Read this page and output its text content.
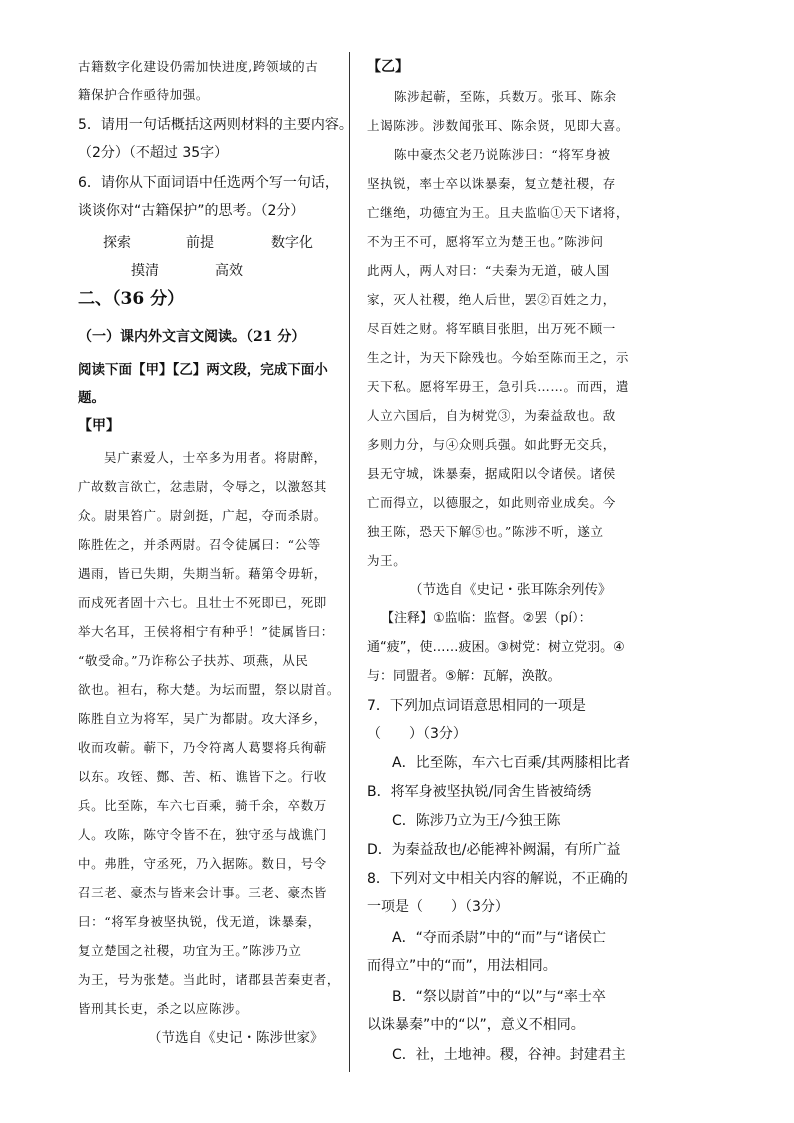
古籍数字化建设仍需加快进度,跨领域的古
籍保护合作亟待加强。
5．请用一句话概括这两则材料的主要内容。
（2分）（不超过 35字）
6．请你从下面词语中任选两个写一句话，
谈谈你对“古籍保护”的思考。（2分）
探索	前提	数字化
摸清	高效
二、（36 分）
（一）课内外文言文阅读。（21 分）
阅读下面【甲】【乙】两文段，完成下面小
题。
【甲】
吴广素爱人，士卒多为用者。将尉醉，
广故数言欲亡，忿恚尉，令辱之，以激怒其
众。尉果笞广。尉剑挺，广起，夺而杀尉。
陈胜佐之，并杀两尉。召令徒属曰：“公等
遇雨，皆已失期，失期当斩。藉第令毋斩，
而戍死者固十六七。且壮士不死即已，死即
举大名耳，王侯将相宁有种乎！”徒属皆曰：
“敬受命。”乃诈称公子扶苏、项燕，从民
欲也。袒右，称大楚。为坛而盟，祭以尉首。
陈胜自立为将军，吴广为都尉。攻大泽乡，
收而攻蕲。蕲下，乃令符离人葛婴将兵徇蕲
以东。攻铚、酂、苦、柘、谯皆下之。行收
兵。比至陈，车六七百乘，骑千余，卒数万
人。攻陈，陈守令皆不在，独守丞与战谯门
中。弗胜，守丞死，乃入据陈。数日，号令
召三老、豪杰与皆来会计事。三老、豪杰皆
曰：“将军身被坚执锐，伐无道，诛暴秦，
复立楚国之社稷，功宜为王。”陈涉乃立
为王，号为张楚。当此时，诸郡县苦秦吏者，
皆刑其长吏，杀之以应陈涉。
（节选自《史记・陈涉世家》
【乙】
陈涉起蕲，至陈，兵数万。张耳、陈余
上谒陈涉。涉数闻张耳、陈余贤，见即大喜。
陈中豪杰父老乃说陈涉曰：“将军身被
坚执锐，率士卒以诛暴秦，复立楚社稷，存
亡继绝，功德宜为王。且夫监临①天下诸将，
不为王不可，愿将军立为楚王也。”陈涉问
此两人，两人对曰：“夫秦为无道，破人国
家，灭人社稷，绝人后世，罢②百姓之力，
尽百姓之财。将军瞋目张胆，出万死不顾一
生之计，为天下除残也。今始至陈而王之，示
天下私。愿将军毋王，急引兵……。而西，遣
人立六国后，自为树党③，为秦益敌也。敌
多则力分，与④众则兵强。如此野无交兵，
县无守城，诛暴秦，据咸阳以令诸侯。诸侯
亡而得立，以德服之，如此则帝业成矣。今
独王陈，恐天下解⑤也。”陈涉不听，遂立
为王。
（节选自《史记・张耳陈余列传》
【注释】①监临：监督。②罢（pí）：
通“疲”，使……疲困。③树党：树立党羽。④
与：同盟者。⑤解：瓦解，涣散。
7．下列加点词语意思相同的一项是
（　　）（3分）
A．比至陈，车六七百乘/其两膝相比者
B．将军身被坚执锐/同舍生皆被绮绣
C．陈涉乃立为王/今独王陈
D．为秦益敌也/必能裨补阙漏，有所广益
8．下列对文中相关内容的解说，不正确的
一项是（　　）（3分）
A．“夺而杀尉”中的“而”与“诸侯亡
而得立”中的“而”，用法相同。
B．“祭以尉首”中的“以”与“率士卒
以诛暴秦”中的“以”，意义不相同。
C．社，土地神。稷，谷神。封建君主
